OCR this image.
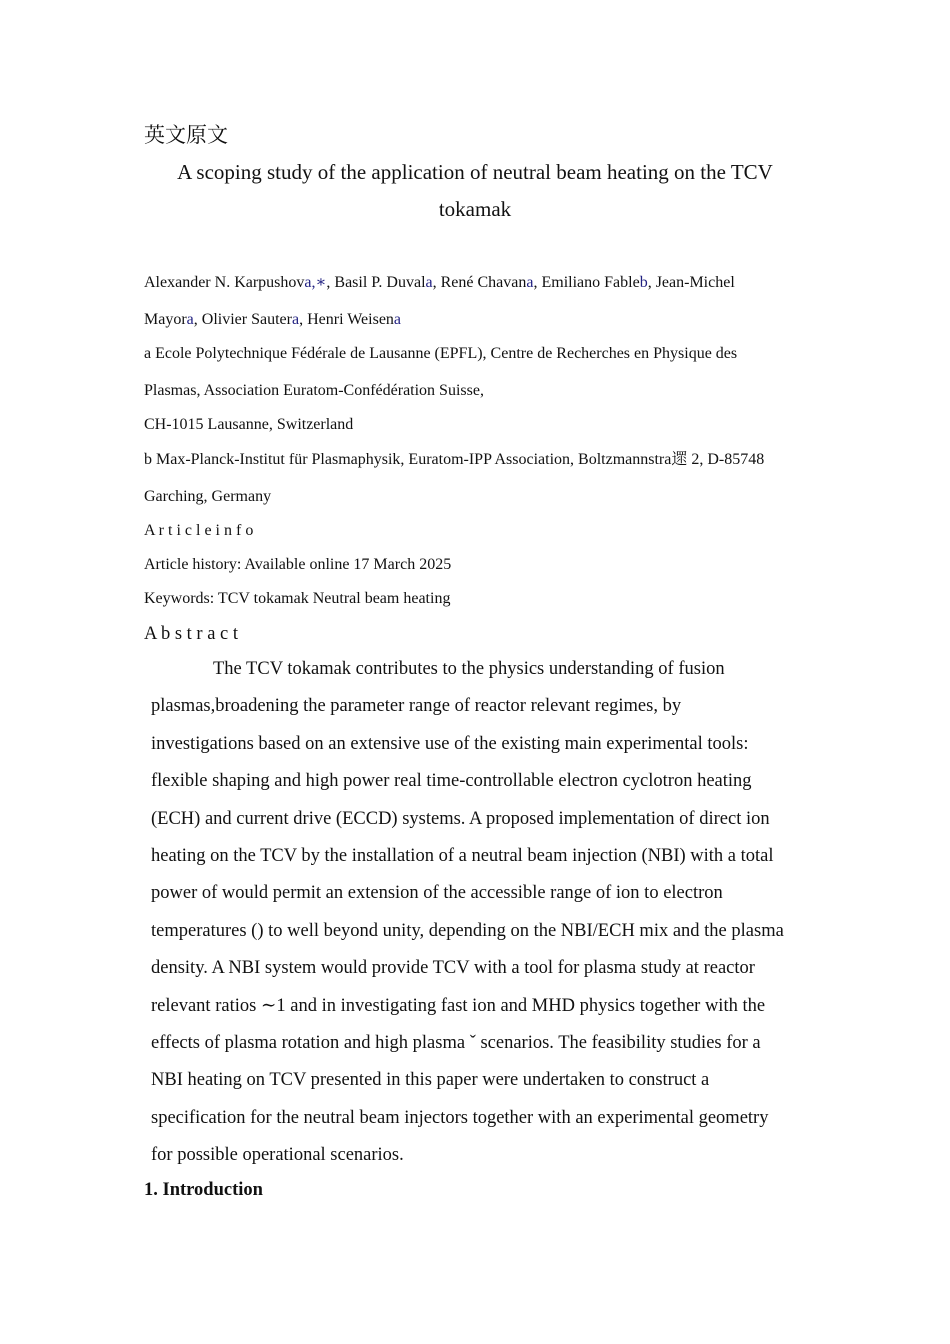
英文原文
A scoping study of the application of neutral beam heating on the TCV
tokamak
Alexander N. Karpushova,∗, Basil P. Duvala, René Chavana, Emiliano Fableb, Jean-Michel
Mayora, Olivier Sautera, Henri Weisena
a Ecole Polytechnique Fédérale de Lausanne (EPFL), Centre de Recherches en Physique des
Plasmas, Association Euratom-Confédération Suisse,
CH-1015 Lausanne, Switzerland
b Max-Planck-Institut für Plasmaphysik, Euratom-IPP Association, Boltzmannstra遝 2, D-85748
Garching, Germany
A r t i c l e i n f o
Article history: Available online 17 March 2025
Keywords: TCV tokamak Neutral beam heating
A b s t r a c t
The TCV tokamak contributes to the physics understanding of fusion
plasmas,broadening the parameter range of reactor relevant regimes, by
investigations based on an extensive use of the existing main experimental tools:
flexible shaping and high power real time-controllable electron cyclotron heating
(ECH) and current drive (ECCD) systems. A proposed implementation of direct ion
heating on the TCV by the installation of a neutral beam injection (NBI) with a total
power of would permit an extension of the accessible range of ion to electron
temperatures () to well beyond unity, depending on the NBI/ECH mix and the plasma
density. A NBI system would provide TCV with a tool for plasma study at reactor
relevant ratios ∼1 and in investigating fast ion and MHD physics together with the
effects of plasma rotation and high plasma ˇ scenarios. The feasibility studies for a
NBI heating on TCV presented in this paper were undertaken to construct a
specification for the neutral beam injectors together with an experimental geometry
for possible operational scenarios.
1. Introduction
